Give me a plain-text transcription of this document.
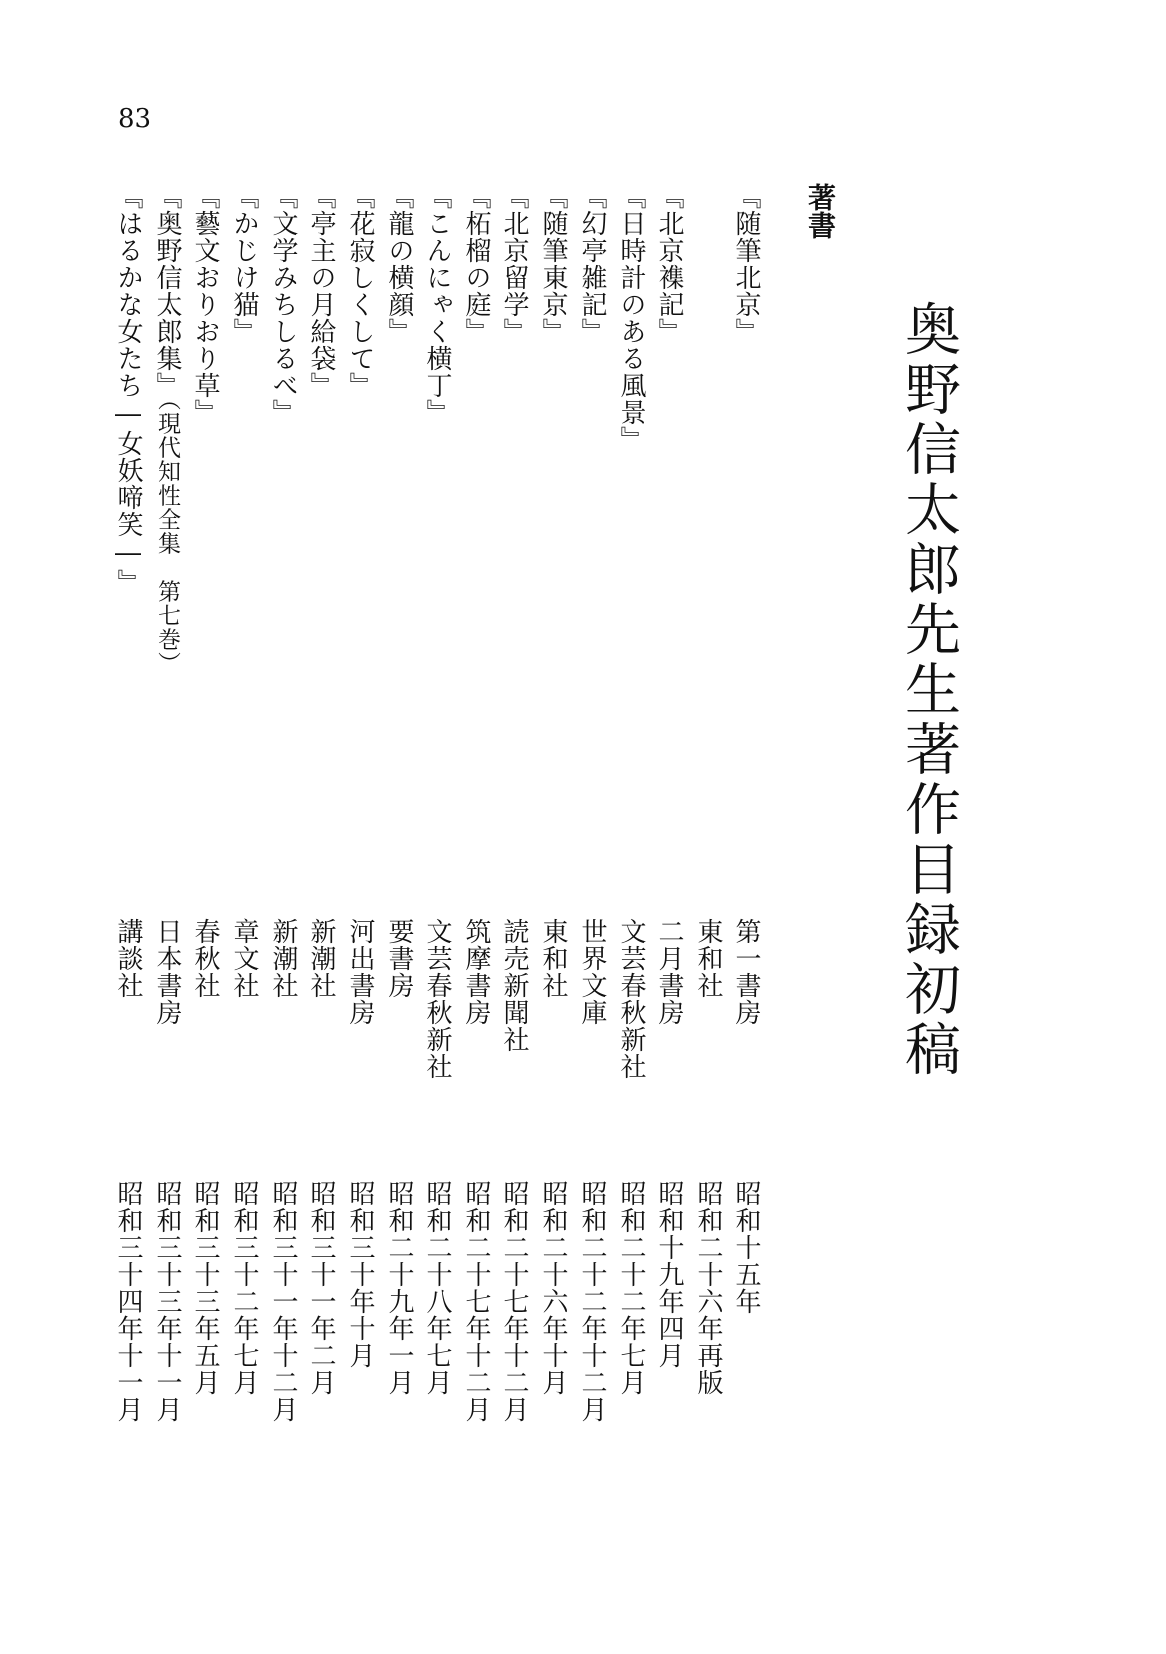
83
奥野信太郎先生著作目録初稿
著書
『随筆北京』
第一書房
昭和十五年
東和社
昭和二十六年再版
『北京襍記』
二月書房
昭和十九年四月
『日時計のある風景』
文芸春秋新社
昭和二十二年七月
『幻亭雑記』
世界文庫
昭和二十二年十二月
『随筆東京』
東和社
昭和二十六年十月
『北京留学』
読売新聞社
昭和二十七年十二月
『柘榴の庭』
筑摩書房
昭和二十七年十二月
『こんにゃく横丁』
文芸春秋新社
昭和二十八年七月
『龍の横顔』
要書房
昭和二十九年一月
『花寂しくして』
河出書房
昭和三十年十月
『亭主の月給袋』
新潮社
昭和三十一年二月
『文学みちしるべ』
新潮社
昭和三十一年十二月
『かじけ猫』
章文社
昭和三十二年七月
『藝文おりおり草』
春秋社
昭和三十三年五月
『奥野信太郎集』（現代知性全集　第七巻）
日本書房
昭和三十三年十一月
『はるかな女たち―女妖啼笑―』
講談社
昭和三十四年十一月
